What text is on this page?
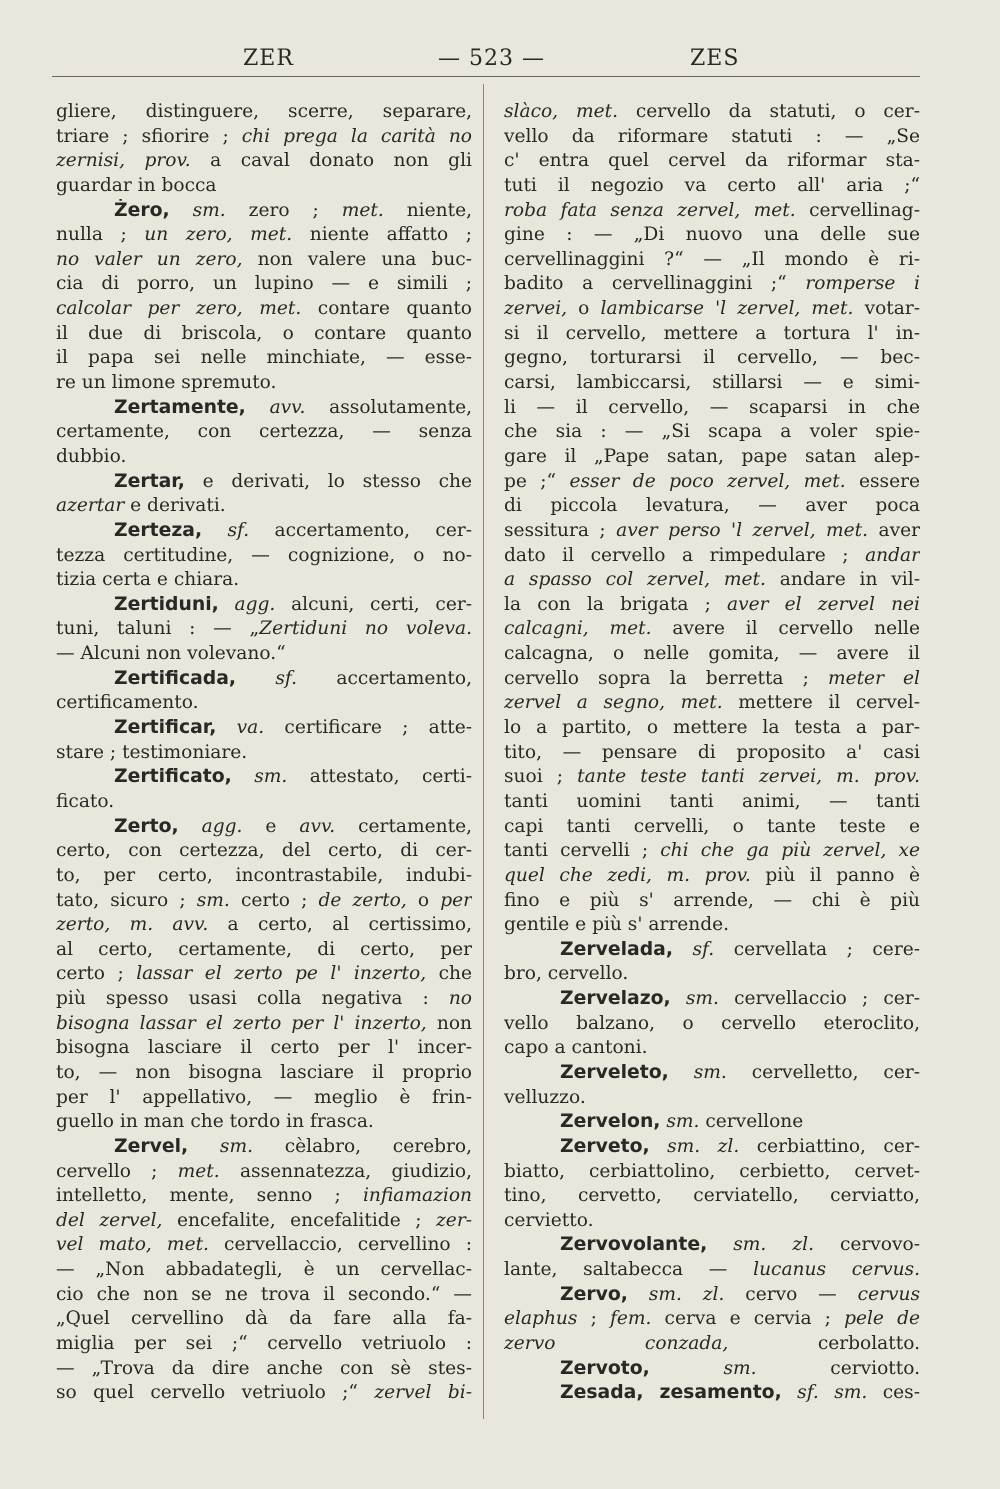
ZER	— 523 —	ZES
gliere, distinguere, scerre, separare,
triare ; sfiorire ; chi prega la carità no
zernisi, prov. a caval donato non gli
guardar in bocca
Żero, sm. zero ; met. niente,
nulla ; un zero, met. niente affatto ;
no valer un zero, non valere una buc-
cia di porro, un lupino — e simili ;
calcolar per zero, met. contare quanto
il due di briscola, o contare quanto
il papa sei nelle minchiate, — esse-
re un limone spremuto.
Zertamente, avv. assolutamente,
certamente, con certezza, — senza
dubbio.
Zertar, e derivati, lo stesso che
azertar e derivati.
Zerteza, sf. accertamento, cer-
tezza certitudine, — cognizione, o no-
tizia certa e chiara.
Zertiduni, agg. alcuni, certi, cer-
tuni, taluni : — „Zertiduni no voleva.
— Alcuni non volevano.“
Zertificada, sf. accertamento,
certificamento.
Zertificar, va. certificare ; atte-
stare ; testimoniare.
Zertificato, sm. attestato, certi-
ficato.
Zerto, agg. e avv. certamente,
certo, con certezza, del certo, di cer-
to, per certo, incontrastabile, indubi-
tato, sicuro ; sm. certo ; de zerto, o per
zerto, m. avv. a certo, al certissimo,
al certo, certamente, di certo, per
certo ; lassar el zerto pe l' inzerto, che
più spesso usasi colla negativa : no
bisogna lassar el zerto per l' inzerto, non
bisogna lasciare il certo per l' incer-
to, — non bisogna lasciare il proprio
per l' appellativo, — meglio è frin-
guello in man che tordo in frasca.
Zervel, sm. cèlabro, cerebro,
cervello ; met. assennatezza, giudizio,
intelletto, mente, senno ; infiamazion
del zervel, encefalite, encefalitide ; zer-
vel mato, met. cervellaccio, cervellino :
— „Non abbadategli, è un cervellac-
cio che non se ne trova il secondo.“ —
„Quel cervellino dà da fare alla fa-
miglia per sei ;“ cervello vetriuolo :
— „Trova da dire anche con sè stes-
so quel cervello vetriuolo ;“ zervel bi-
slàco, met. cervello da statuti, o cer-
vello da riformare statuti : — „Se
c' entra quel cervel da riformar sta-
tuti il negozio va certo all' aria ;“
roba fata senza zervel, met. cervellinag-
gine : — „Di nuovo una delle sue
cervellinaggini ?“ — „Il mondo è ri-
badito a cervellinaggini ;“ romperse i
zervei, o lambicarse 'l zervel, met. votar-
si il cervello, mettere a tortura l' in-
gegno, torturarsi il cervello, — bec-
carsi, lambiccarsi, stillarsi — e simi-
li — il cervello, — scaparsi in che
che sia : — „Si scapa a voler spie-
gare il „Pape satan, pape satan alep-
pe ;“ esser de poco zervel, met. essere
di piccola levatura, — aver poca
sessitura ; aver perso 'l zervel, met. aver
dato il cervello a rimpedulare ; andar
a spasso col zervel, met. andare in vil-
la con la brigata ; aver el zervel nei
calcagni, met. avere il cervello nelle
calcagna, o nelle gomita, — avere il
cervello sopra la berretta ; meter el
zervel a segno, met. mettere il cervel-
lo a partito, o mettere la testa a par-
tito, — pensare di proposito a' casi
suoi ; tante teste tanti zervei, m. prov.
tanti uomini tanti animi, — tanti
capi tanti cervelli, o tante teste e
tanti cervelli ; chi che ga più zervel, xe
quel che zedi, m. prov. più il panno è
fino e più s' arrende, — chi è più
gentile e più s' arrende.
Zervelada, sf. cervellata ; cere-
bro, cervello.
Zervelazo, sm. cervellaccio ; cer-
vello balzano, o cervello eteroclito,
capo a cantoni.
Zerveleto, sm. cervelletto, cer-
velluzzo.
Zervelon, sm. cervellone
Zerveto, sm. zl. cerbiattino, cer-
biatto, cerbiattolino, cerbietto, cervet-
tino, cervetto, cerviatello, cerviatto,
cervietto.
Zervovolante, sm. zl. cervovo-
lante, saltabecca — lucanus cervus.
Zervo, sm. zl. cervo — cervus
elaphus ; fem. cerva e cervia ; pele de
zervo conzada, cerbolatto.
Zervoto,	sm. cerviotto.
Zesada, zesamento, sf. sm. ces-
